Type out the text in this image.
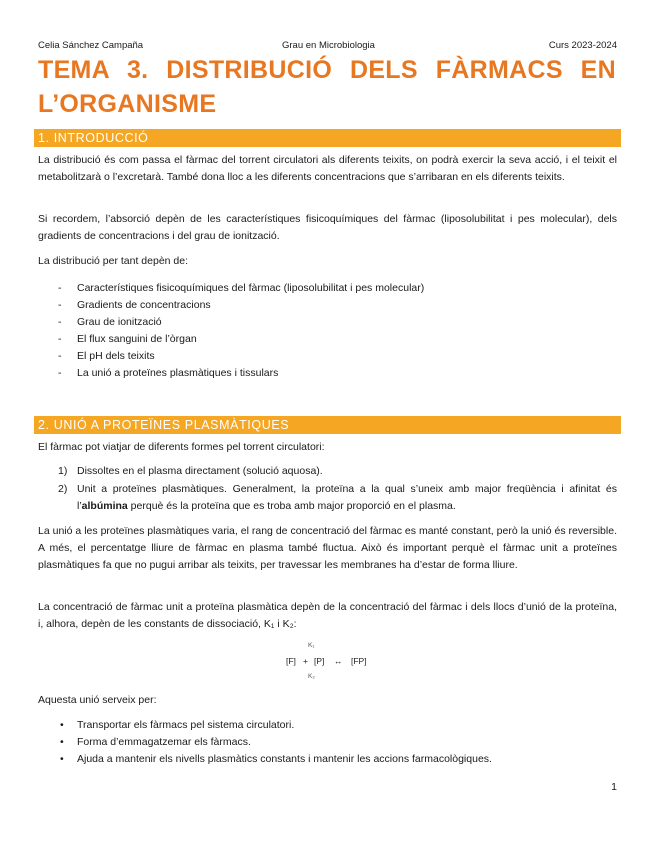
Celia Sánchez Campaña	Grau en Microbiologia	Curs 2023-2024
TEMA 3. DISTRIBUCIÓ DELS FÀRMACS EN L’ORGANISME
1. INTRODUCCIÓ
La distribució és com passa el fàrmac del torrent circulatori als diferents teixits, on podrà exercir la seva acció, i el teixit el metabolitzarà o l’excretarà. També dona lloc a les diferents concentracions que s’arribaran en els diferents teixits.
Si recordem, l’absorció depèn de les característiques fisicoquímiques del fàrmac (liposolubilitat i pes molecular), dels gradients de concentracions i del grau de ionització.
La distribució per tant depèn de:
- Característiques fisicoquímiques del fàrmac (liposolubilitat i pes molecular)
- Gradients de concentracions
- Grau de ionització
- El flux sanguini de l’òrgan
- El pH dels teixits
- La unió a proteïnes plasmàtiques i tissulars
2. UNIÓ A PROTEÏNES PLASMÀTIQUES
El fàrmac pot viatjar de diferents formes pel torrent circulatori:
1) Dissoltes en el plasma directament (solució aquosa).
2) Unit a proteïnes plasmàtiques. Generalment, la proteïna a la qual s’uneix amb major freqüència i afinitat és l’albúmina perquè és la proteïna que es troba amb major proporció en el plasma.
La unió a les proteïnes plasmàtiques varia, el rang de concentració del fàrmac es manté constant, però la unió és reversible. A més, el percentatge lliure de fàrmac en plasma també fluctua. Això és important perquè el fàrmac unit a proteïnes plasmàtiques fa que no pugui arribar als teixits, per travessar les membranes ha d’estar de forma lliure.
La concentració de fàrmac unit a proteïna plasmàtica depèn de la concentració del fàrmac i dels llocs d’unió de la proteïna, i, alhora, depèn de les constants de dissociació, K₁ i K₂:
K₁
[F] + [P] ↔ [FP]
K₂
Aquesta unió serveix per:
• Transportar els fàrmacs pel sistema circulatori.
• Forma d’emmagatzemar els fàrmacs.
• Ajuda a mantenir els nivells plasmàtics constants i mantenir les accions farmacològiques.
1
